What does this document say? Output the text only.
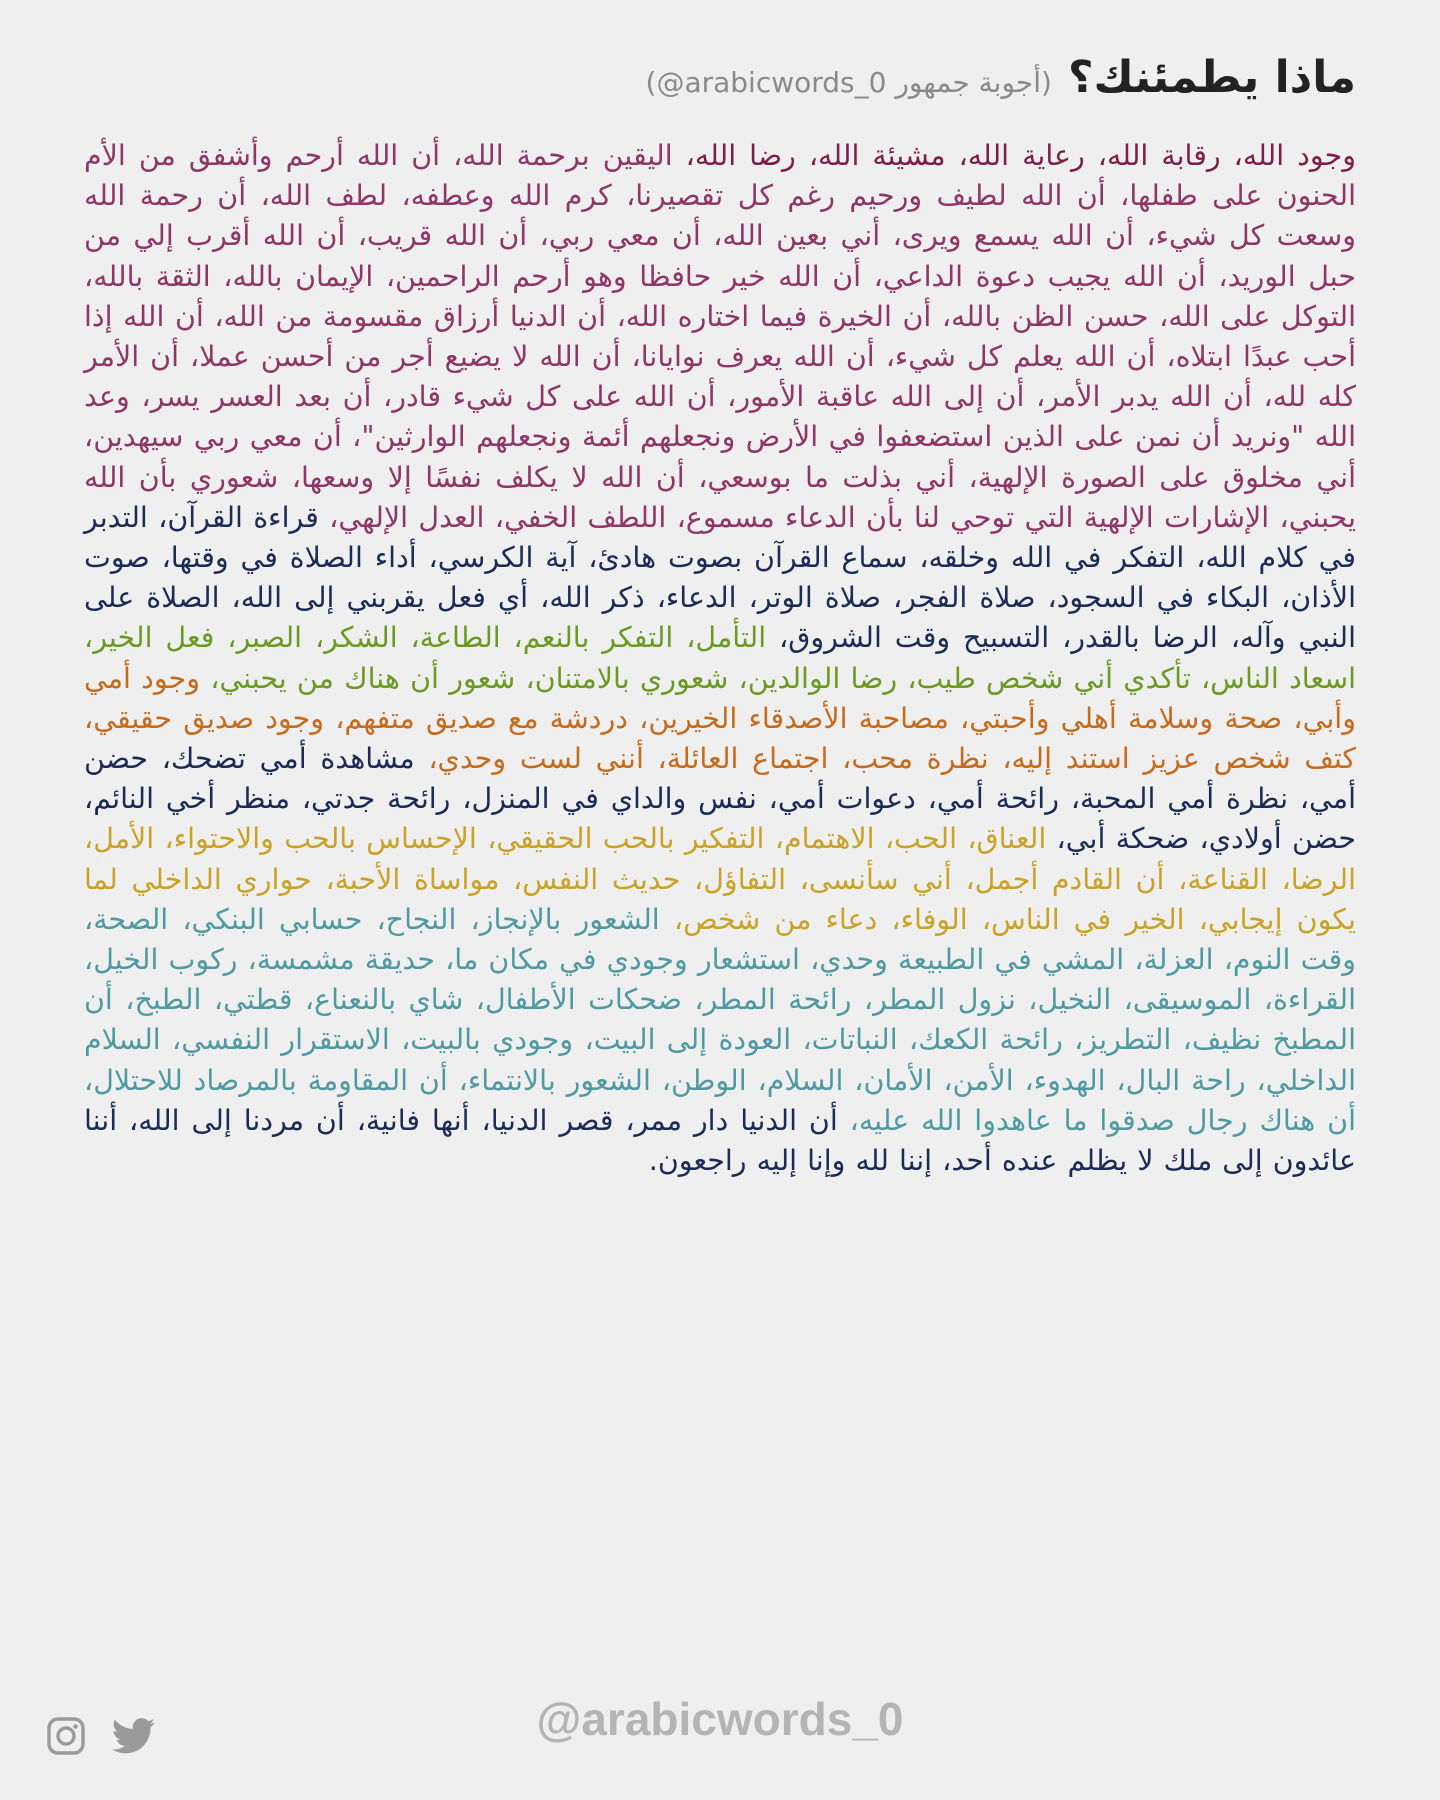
ماذا يطمئنك؟
(أجوبة جمهور arabicwords_0@)

وجود الله، رقابة الله، رعاية الله، مشيئة الله، رضا الله، اليقين برحمة الله، أن الله أرحم وأشفق من الأم الحنون على طفلها، أن الله لطيف ورحيم رغم كل تقصيرنا، كرم الله وعطفه، لطف الله، أن رحمة الله وسعت كل شيء، أن الله يسمع ويرى، أني بعين الله، أن معي ربي، أن الله قريب، أن الله أقرب إلي من حبل الوريد، أن الله يجيب دعوة الداعي، أن الله خير حافظا وهو أرحم الراحمين، الإيمان بالله، الثقة بالله، التوكل على الله، حسن الظن بالله، أن الخيرة فيما اختاره الله، أن الدنيا أرزاق مقسومة من الله، أن الله إذا أحب عبدًا ابتلاه، أن الله يعلم كل شيء، أن الله يعرف نوايانا، أن الله لا يضيع أجر من أحسن عملا، أن الأمر كله لله، أن الله يدبر الأمر، أن إلى الله عاقبة الأمور، أن الله على كل شيء قادر، أن بعد العسر يسر، وعد الله "ونريد أن نمن على الذين استضعفوا في الأرض ونجعلهم أئمة ونجعلهم الوارثين"، أن معي ربي سيهدين، أني مخلوق على الصورة الإلهية، أني بذلت ما بوسعي، أن الله لا يكلف نفسًا إلا وسعها، شعوري بأن الله يحبني، الإشارات الإلهية التي توحي لنا بأن الدعاء مسموع، اللطف الخفي، العدل الإلهي، قراءة القرآن، التدبر في كلام الله، التفكر في الله وخلقه، سماع القرآن بصوت هادئ، آية الكرسي، أداء الصلاة في وقتها، صوت الأذان، البكاء في السجود، صلاة الفجر، صلاة الوتر، الدعاء، ذكر الله، أي فعل يقربني إلى الله، الصلاة على النبي وآله، الرضا بالقدر، التسبيح وقت الشروق، التأمل، التفكر بالنعم، الطاعة، الشكر، الصبر، فعل الخير، اسعاد الناس، تأكدي أني شخص طيب، رضا الوالدين، شعوري بالامتنان، شعور أن هناك من يحبني، وجود أمي وأبي، صحة وسلامة أهلي وأحبتي، مصاحبة الأصدقاء الخيرين، دردشة مع صديق متفهم، وجود صديق حقيقي، كتف شخص عزيز استند إليه، نظرة محب، اجتماع العائلة، أنني لست وحدي، مشاهدة أمي تضحك، حضن أمي، نظرة أمي المحبة، رائحة أمي، دعوات أمي، نفس والداي في المنزل، رائحة جدتي، منظر أخي النائم، حضن أولادي، ضحكة أبي، العناق، الحب، الاهتمام، التفكير بالحب الحقيقي، الإحساس بالحب والاحتواء، الأمل، الرضا، القناعة، أن القادم أجمل، أني سأنسى، التفاؤل، حديث النفس، مواساة الأحبة، حواري الداخلي لما يكون إيجابي، الخير في الناس، الوفاء، دعاء من شخص، الشعور بالإنجاز، النجاح، حسابي البنكي، الصحة، وقت النوم، العزلة، المشي في الطبيعة وحدي، استشعار وجودي في مكان ما، حديقة مشمسة، ركوب الخيل، القراءة، الموسيقى، النخيل، نزول المطر، رائحة المطر، ضحكات الأطفال، شاي بالنعناع، قطتي، الطبخ، أن المطبخ نظيف، التطريز، رائحة الكعك، النباتات، العودة إلى البيت، وجودي بالبيت، الاستقرار النفسي، السلام الداخلي، راحة البال، الهدوء، الأمن، الأمان، السلام، الوطن، الشعور بالانتماء، أن المقاومة بالمرصاد للاحتلال، أن هناك رجال صدقوا ما عاهدوا الله عليه، أن الدنيا دار ممر، قصر الدنيا، أنها فانية، أن مردنا إلى الله، أننا عائدون إلى ملك لا يظلم عنده أحد، إننا لله وإنا إليه راجعون.

@arabicwords_0
